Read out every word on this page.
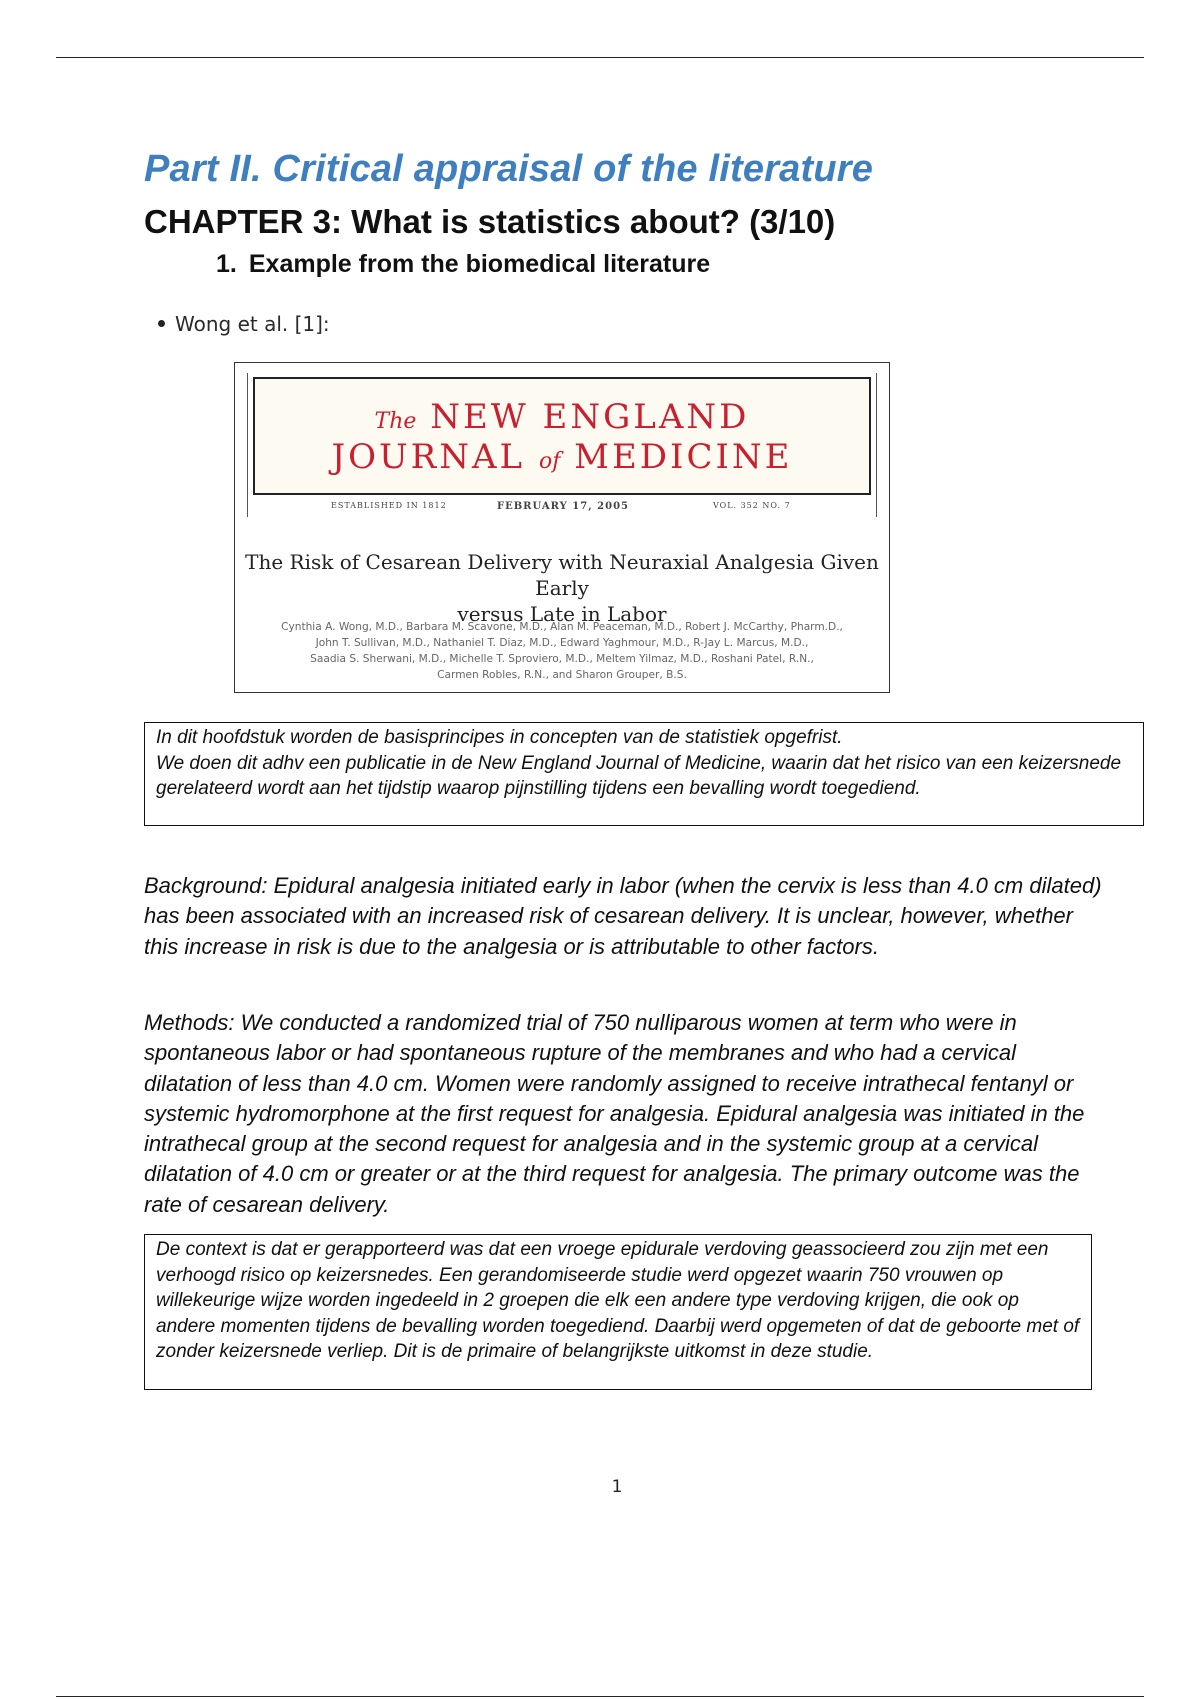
Part II. Critical appraisal of the literature
CHAPTER 3: What is statistics about? (3/10)
1. Example from the biomedical literature
Wong et al. [1]:
The NEW ENGLAND
JOURNAL of MEDICINE
ESTABLISHED IN 1812	FEBRUARY 17, 2005	VOL. 352 NO. 7
The Risk of Cesarean Delivery with Neuraxial Analgesia Given Early
versus Late in Labor
Cynthia A. Wong, M.D., Barbara M. Scavone, M.D., Alan M. Peaceman, M.D., Robert J. McCarthy, Pharm.D.,
John T. Sullivan, M.D., Nathaniel T. Diaz, M.D., Edward Yaghmour, M.D., R-Jay L. Marcus, M.D.,
Saadia S. Sherwani, M.D., Michelle T. Sproviero, M.D., Meltem Yilmaz, M.D., Roshani Patel, R.N.,
Carmen Robles, R.N., and Sharon Grouper, B.S.

In dit hoofdstuk worden de basisprincipes in concepten van de statistiek opgefrist.

We doen dit adhv een publicatie in de New England Journal of Medicine, waarin dat het risico van een keizersnede gerelateerd wordt aan het tijdstip waarop pijnstilling tijdens een bevalling wordt toegediend.

Background: Epidural analgesia initiated early in labor (when the cervix is less than 4.0 cm dilated) has been associated with an increased risk of cesarean delivery. It is unclear, however, whether this increase in risk is due to the analgesia or is attributable to other factors.

Methods: We conducted a randomized trial of 750 nulliparous women at term who were in spontaneous labor or had spontaneous rupture of the membranes and who had a cervical dilatation of less than 4.0 cm. Women were randomly assigned to receive intrathecal fentanyl or systemic hydromorphone at the first request for analgesia. Epidural analgesia was initiated in the intrathecal group at the second request for analgesia and in the systemic group at a cervical dilatation of 4.0 cm or greater or at the third request for analgesia. The primary outcome was the rate of cesarean delivery.

De context is dat er gerapporteerd was dat een vroege epidurale verdoving geassocieerd zou zijn met een verhoogd risico op keizersnedes. Een gerandomiseerde studie werd opgezet waarin 750 vrouwen op willekeurige wijze worden ingedeeld in 2 groepen die elk een andere type verdoving krijgen, die ook op andere momenten tijdens de bevalling worden toegediend. Daarbij werd opgemeten of dat de geboorte met of zonder keizersnede verliep. Dit is de primaire of belangrijkste uitkomst in deze studie.

1
